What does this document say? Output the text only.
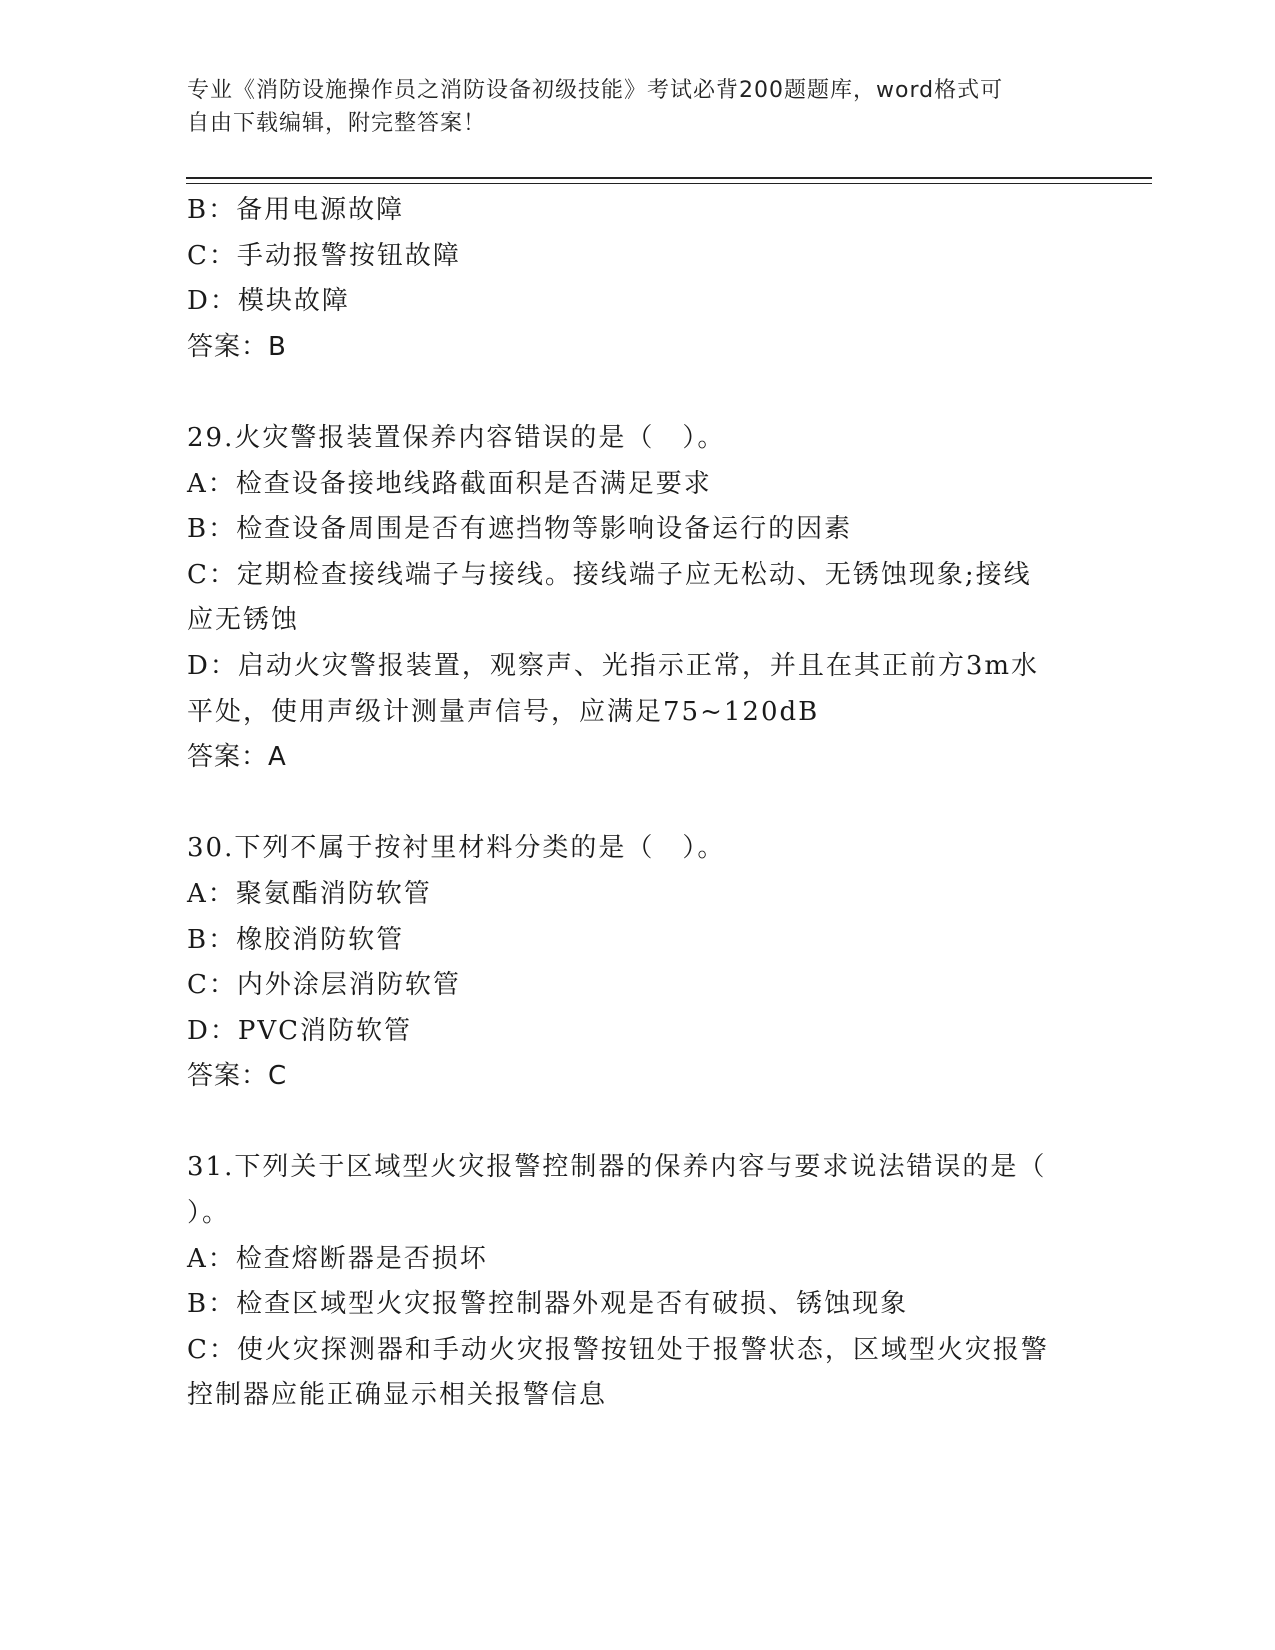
专业《消防设施操作员之消防设备初级技能》考试必背200题题库，word格式可
自由下载编辑，附完整答案！
B：备用电源故障
C：手动报警按钮故障
D：模块故障
答案：B
29.火灾警报装置保养内容错误的是（　）。
A：检查设备接地线路截面积是否满足要求
B：检查设备周围是否有遮挡物等影响设备运行的因素
C：定期检查接线端子与接线。接线端子应无松动、无锈蚀现象;接线
应无锈蚀
D：启动火灾警报装置，观察声、光指示正常，并且在其正前方3m水
平处，使用声级计测量声信号，应满足75~120dB
答案：A
30.下列不属于按衬里材料分类的是（　）。
A：聚氨酯消防软管
B：橡胶消防软管
C：内外涂层消防软管
D：PVC消防软管
答案：C
31.下列关于区域型火灾报警控制器的保养内容与要求说法错误的是（
）。
A：检查熔断器是否损坏
B：检查区域型火灾报警控制器外观是否有破损、锈蚀现象
C：使火灾探测器和手动火灾报警按钮处于报警状态，区域型火灾报警
控制器应能正确显示相关报警信息
